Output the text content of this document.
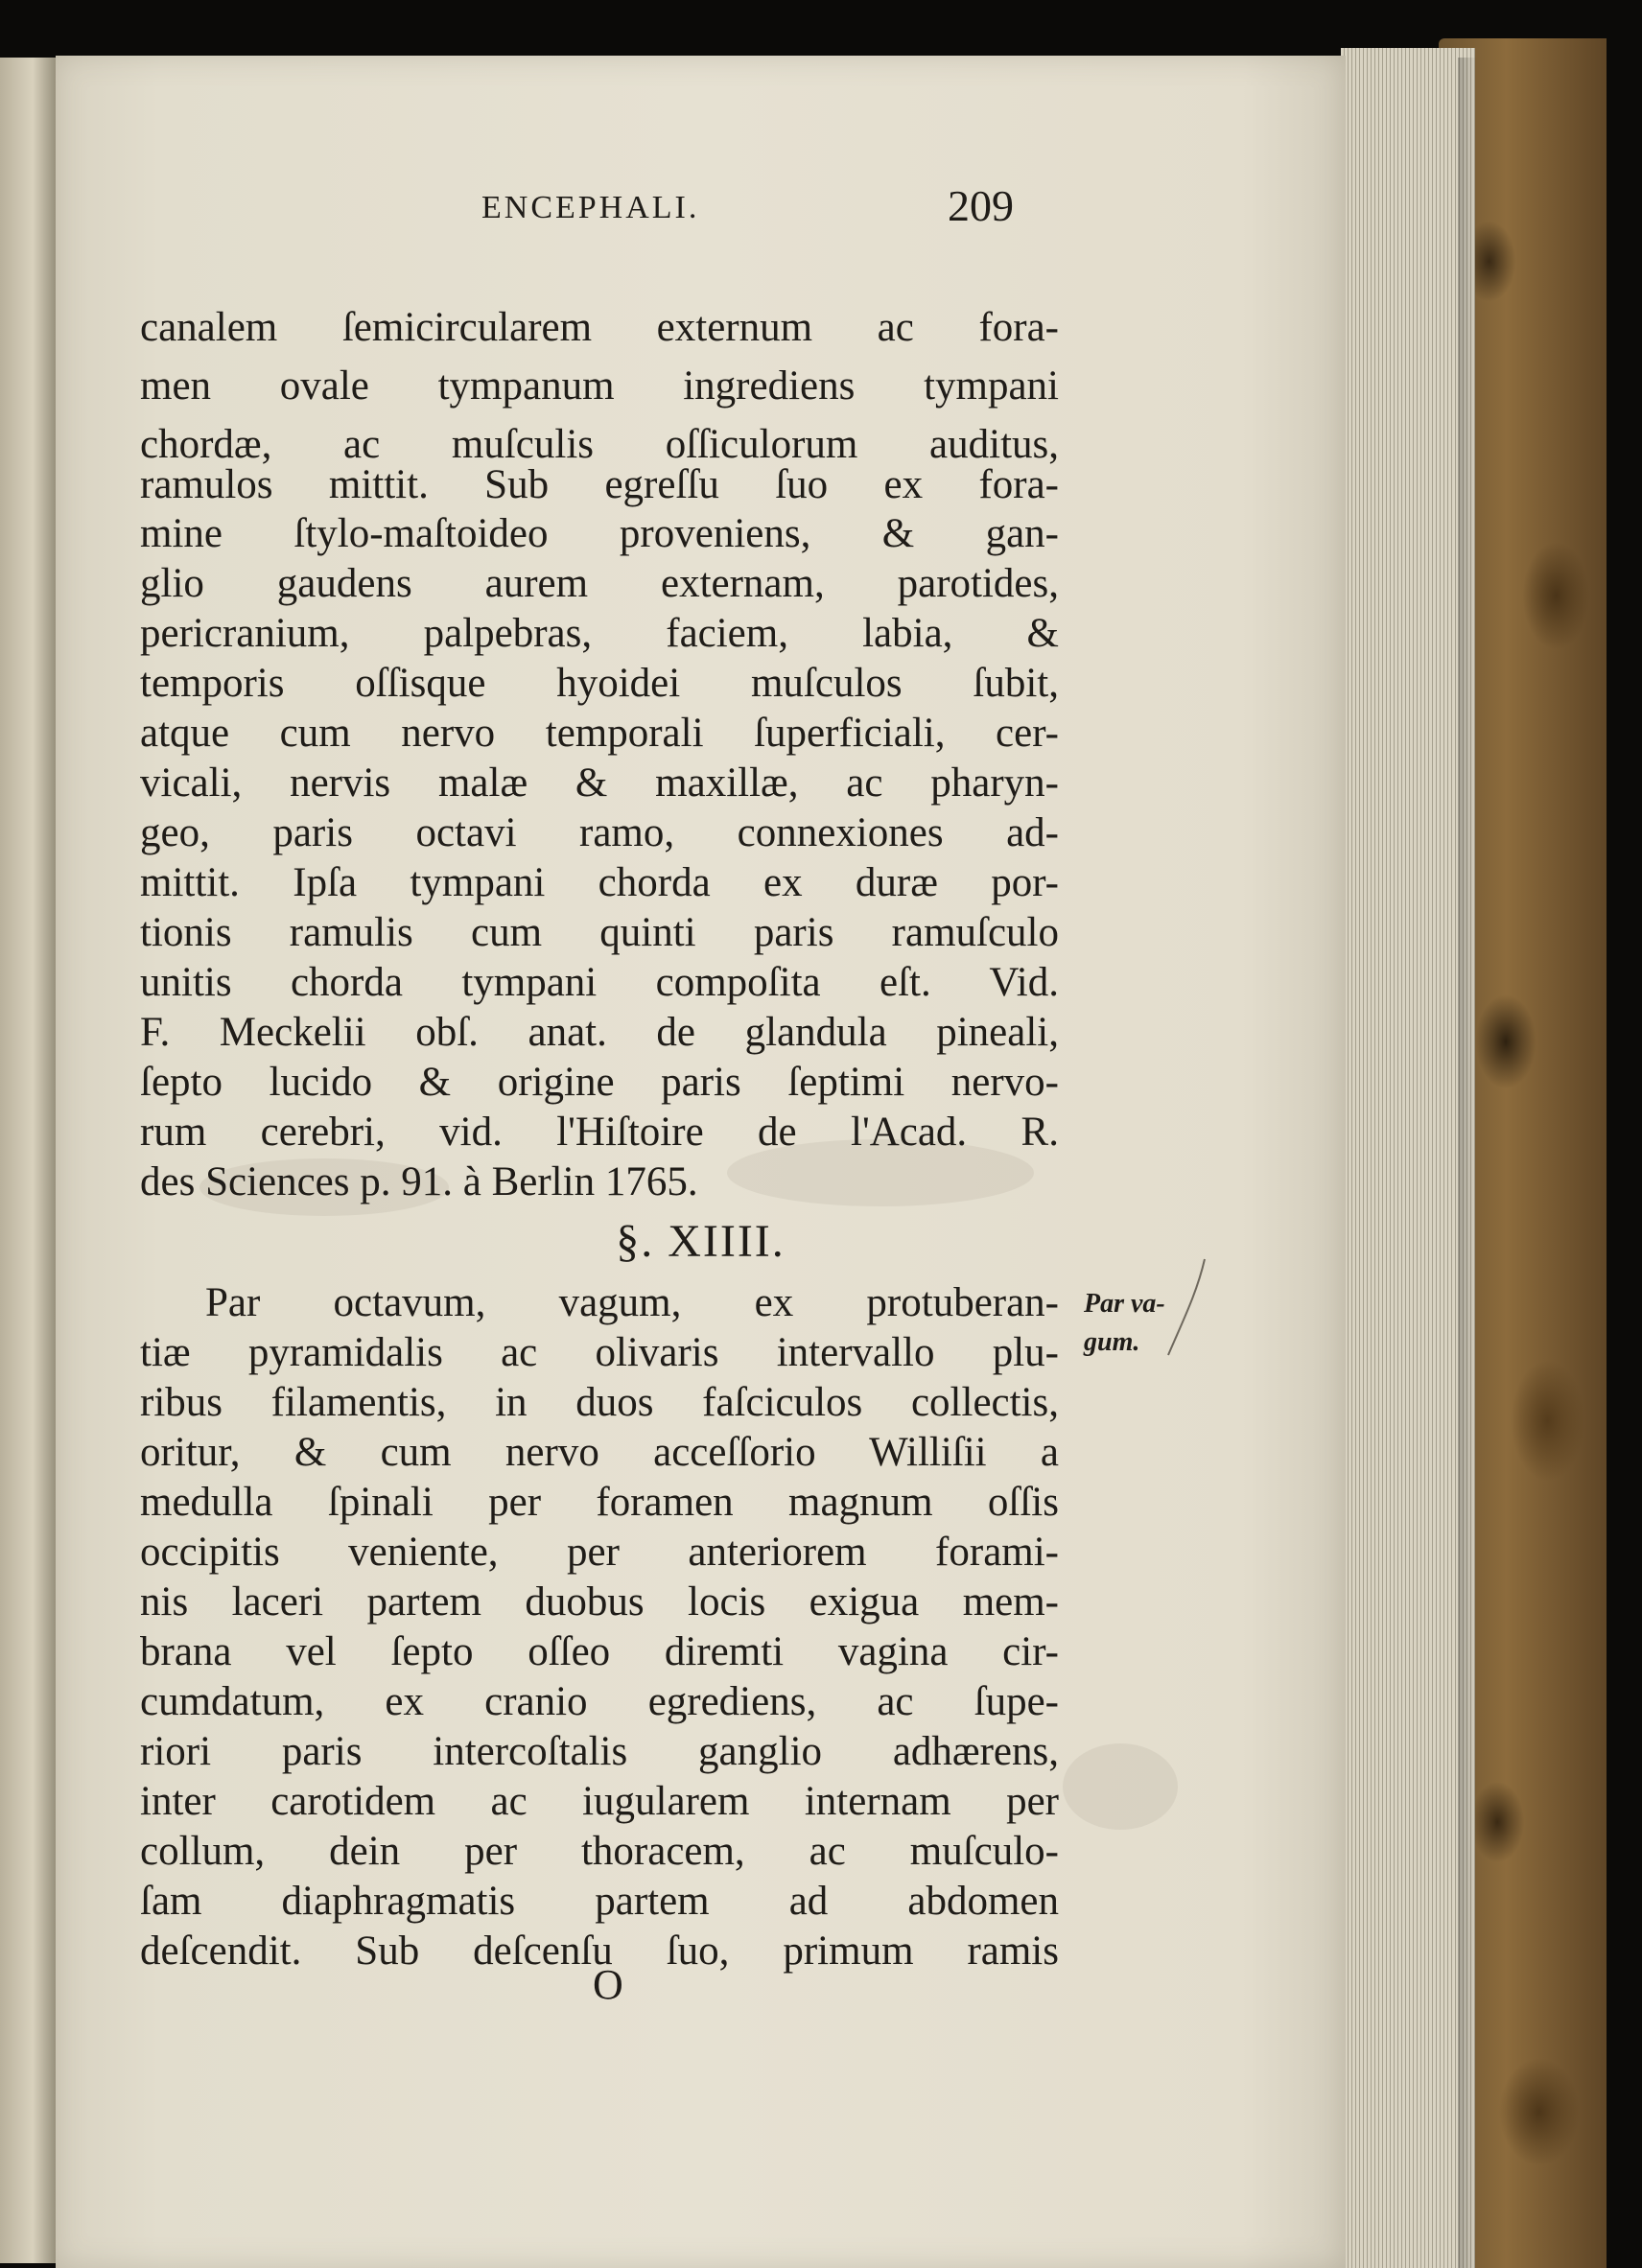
ENCEPHALI.	209
canalem ſemicircularem externum ac fora-
men ovale tympanum ingrediens tympani
chordæ, ac muſculis oſſiculorum auditus,
ramulos mittit. Sub egreſſu ſuo ex fora-
mine ſtylo-maſtoideo proveniens, & gan-
glio gaudens aurem externam, parotides,
pericranium, palpebras, faciem, labia, &
temporis oſſisque hyoidei muſculos ſubit,
atque cum nervo temporali ſuperficiali, cer-
vicali, nervis malæ & maxillæ, ac pharyn-
geo, paris octavi ramo, connexiones ad-
mittit. Ipſa tympani chorda ex duræ por-
tionis ramulis cum quinti paris ramuſculo
unitis chorda tympani compoſita eſt. Vid.
F. Meckelii obſ. anat. de glandula pineali,
ſepto lucido & origine paris ſeptimi nervo-
rum cerebri, vid. l'Hiſtoire de l'Acad. R.
des Sciences p. 91. à Berlin 1765.
§. XIIII.
Par octavum, vagum, ex protuberan-
tiæ pyramidalis ac olivaris intervallo plu-
ribus filamentis, in duos faſciculos collectis,
oritur, & cum nervo acceſſorio Williſii a
medulla ſpinali per foramen magnum oſſis
occipitis veniente, per anteriorem forami-
nis laceri partem duobus locis exigua mem-
brana vel ſepto oſſeo diremti vagina cir-
cumdatum, ex cranio egrediens, ac ſupe-
riori paris intercoſtalis ganglio adhærens,
inter carotidem ac iugularem internam per
collum, dein per thoracem, ac muſculo-
ſam diaphragmatis partem ad abdomen
deſcendit. Sub deſcenſu ſuo, primum ramis
Par va-
gum.
O
